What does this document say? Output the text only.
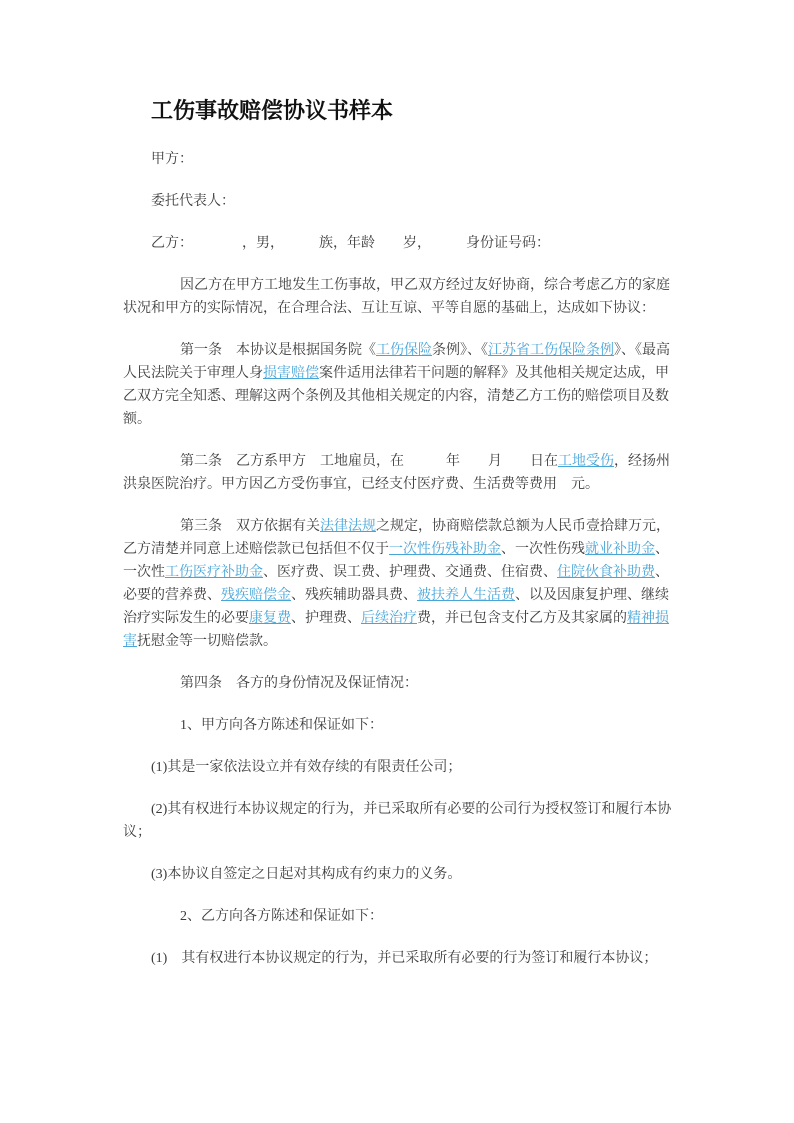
工伤事故赔偿协议书样本

甲方：

委托代表人：

乙方：　　　　，男，　　　族，年龄　　岁，　　　身份证号码：

因乙方在甲方工地发生工伤事故，甲乙双方经过友好协商，综合考虑乙方的家庭状况和甲方的实际情况，在合理合法、互让互谅、平等自愿的基础上，达成如下协议：

第一条　本协议是根据国务院《工伤保险条例》、《江苏省工伤保险条例》、《最高人民法院关于审理人身损害赔偿案件适用法律若干问题的解释》及其他相关规定达成，甲乙双方完全知悉、理解这两个条例及其他相关规定的内容，清楚乙方工伤的赔偿项目及数额。

第二条　乙方系甲方　工地雇员，在　　　年　　月　　日在工地受伤，经扬州洪泉医院治疗。甲方因乙方受伤事宜，已经支付医疗费、生活费等费用　元。

第三条　双方依据有关法律法规之规定，协商赔偿款总额为人民币壹拾肆万元，乙方清楚并同意上述赔偿款已包括但不仅于一次性伤残补助金、一次性伤残就业补助金、一次性工伤医疗补助金、医疗费、误工费、护理费、交通费、住宿费、住院伙食补助费、必要的营养费、残疾赔偿金、残疾辅助器具费、被扶养人生活费、以及因康复护理、继续治疗实际发生的必要康复费、护理费、后续治疗费，并已包含支付乙方及其家属的精神损害抚慰金等一切赔偿款。

第四条　各方的身份情况及保证情况：

1、甲方向各方陈述和保证如下：

(1)其是一家依法设立并有效存续的有限责任公司；

(2)其有权进行本协议规定的行为，并已采取所有必要的公司行为授权签订和履行本协议；

(3)本协议自签定之日起对其构成有约束力的义务。

2、乙方向各方陈述和保证如下：

(1)　其有权进行本协议规定的行为，并已采取所有必要的行为签订和履行本协议；
